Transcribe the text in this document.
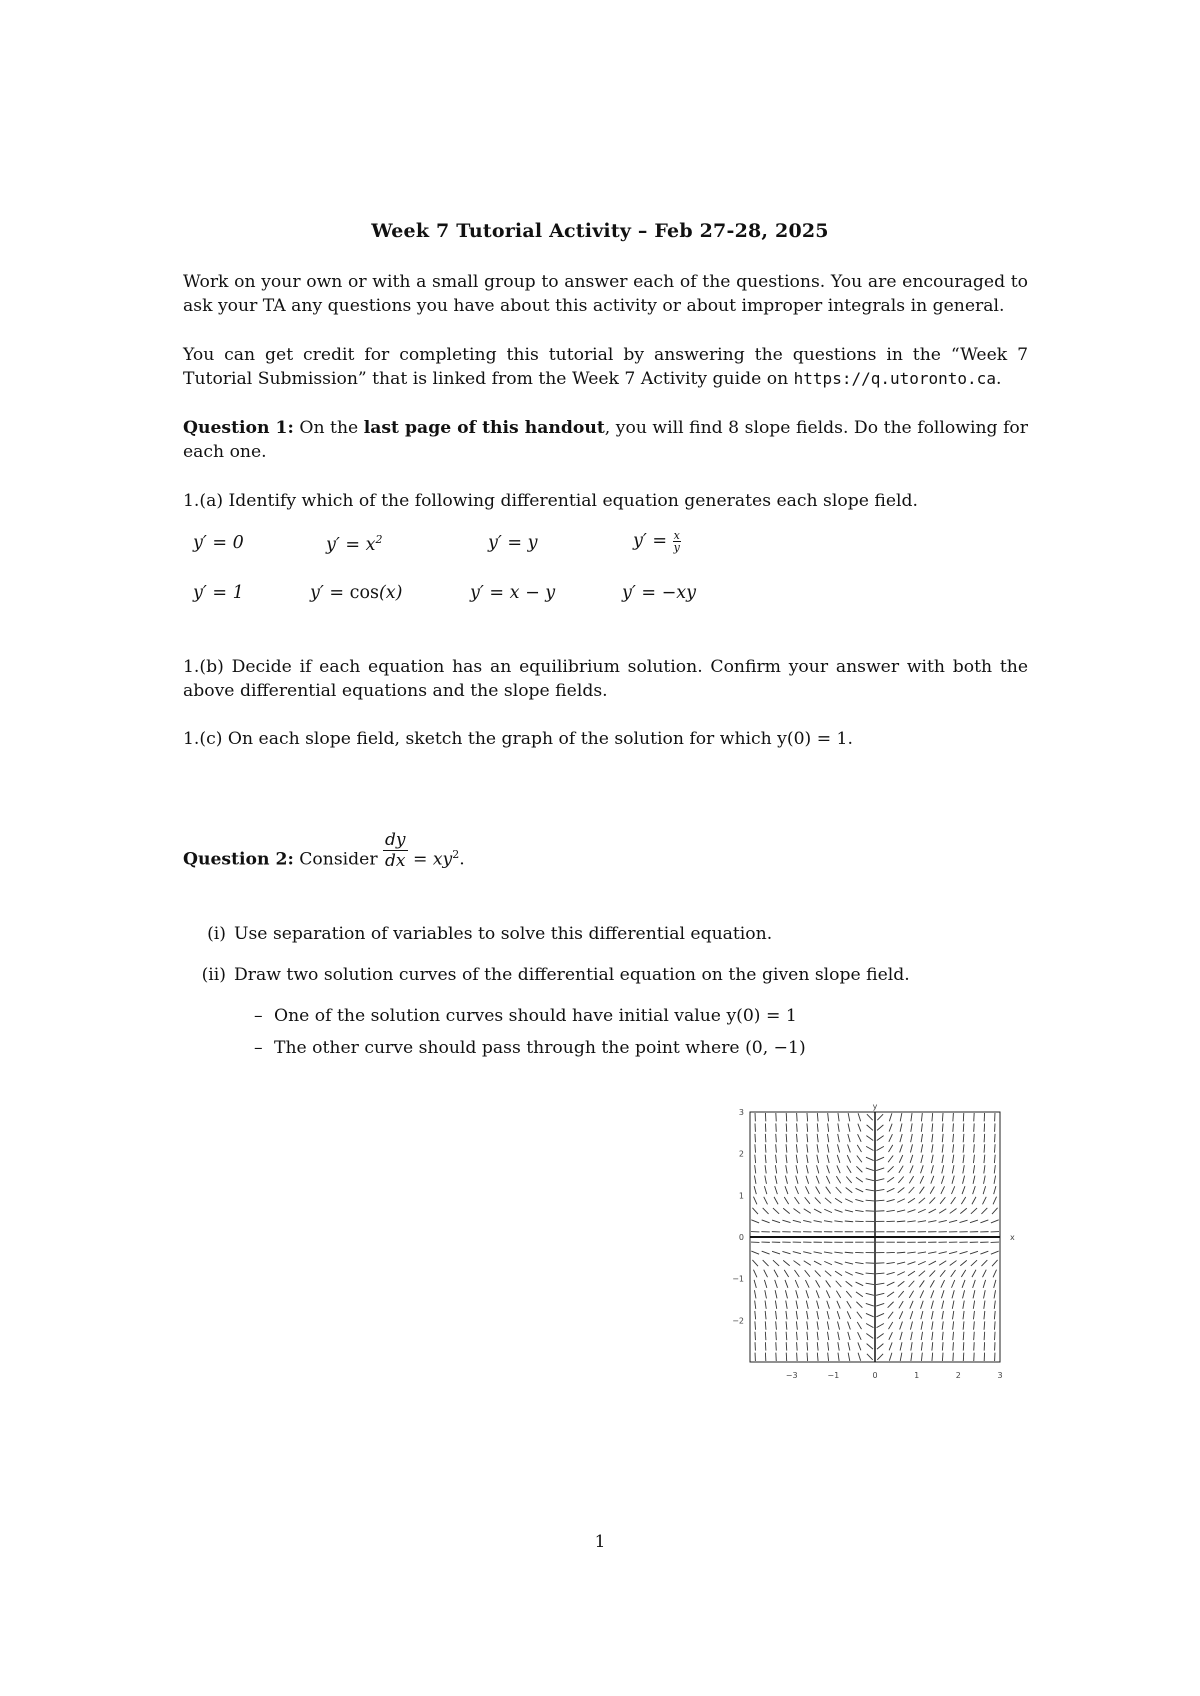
Week 7 Tutorial Activity – Feb 27-28, 2025
Work on your own or with a small group to answer each of the questions. You are encouraged to ask your TA any questions you have about this activity or about improper integrals in general.
You can get credit for completing this tutorial by answering the questions in the “Week 7 Tutorial Submission” that is linked from the Week 7 Activity guide on https://q.utoronto.ca.
Question 1: On the last page of this handout, you will find 8 slope fields. Do the following for each one.
1.(a) Identify which of the following differential equation generates each slope field.
y′ = 0	$y' = x^2$	y′ = y	$y' = \frac{x}{y}$
y′ = 1	y′ = cos(x)	y′ = x − y	y′ = −xy
1.(b) Decide if each equation has an equilibrium solution. Confirm your answer with both the above differential equations and the slope fields.
1.(c) On each slope field, sketch the graph of the solution for which y(0) = 1.
Question 2: Consider $\frac{dy}{dx} = xy^2$.
(i) Use separation of variables to solve this differential equation.
(ii) Draw two solution curves of the differential equation on the given slope field.
– One of the solution curves should have initial value y(0) = 1
– The other curve should pass through the point where (0, −1)
−3	−1	0	1	2	3
3
2
1
0
−1
−2
x
y
1
